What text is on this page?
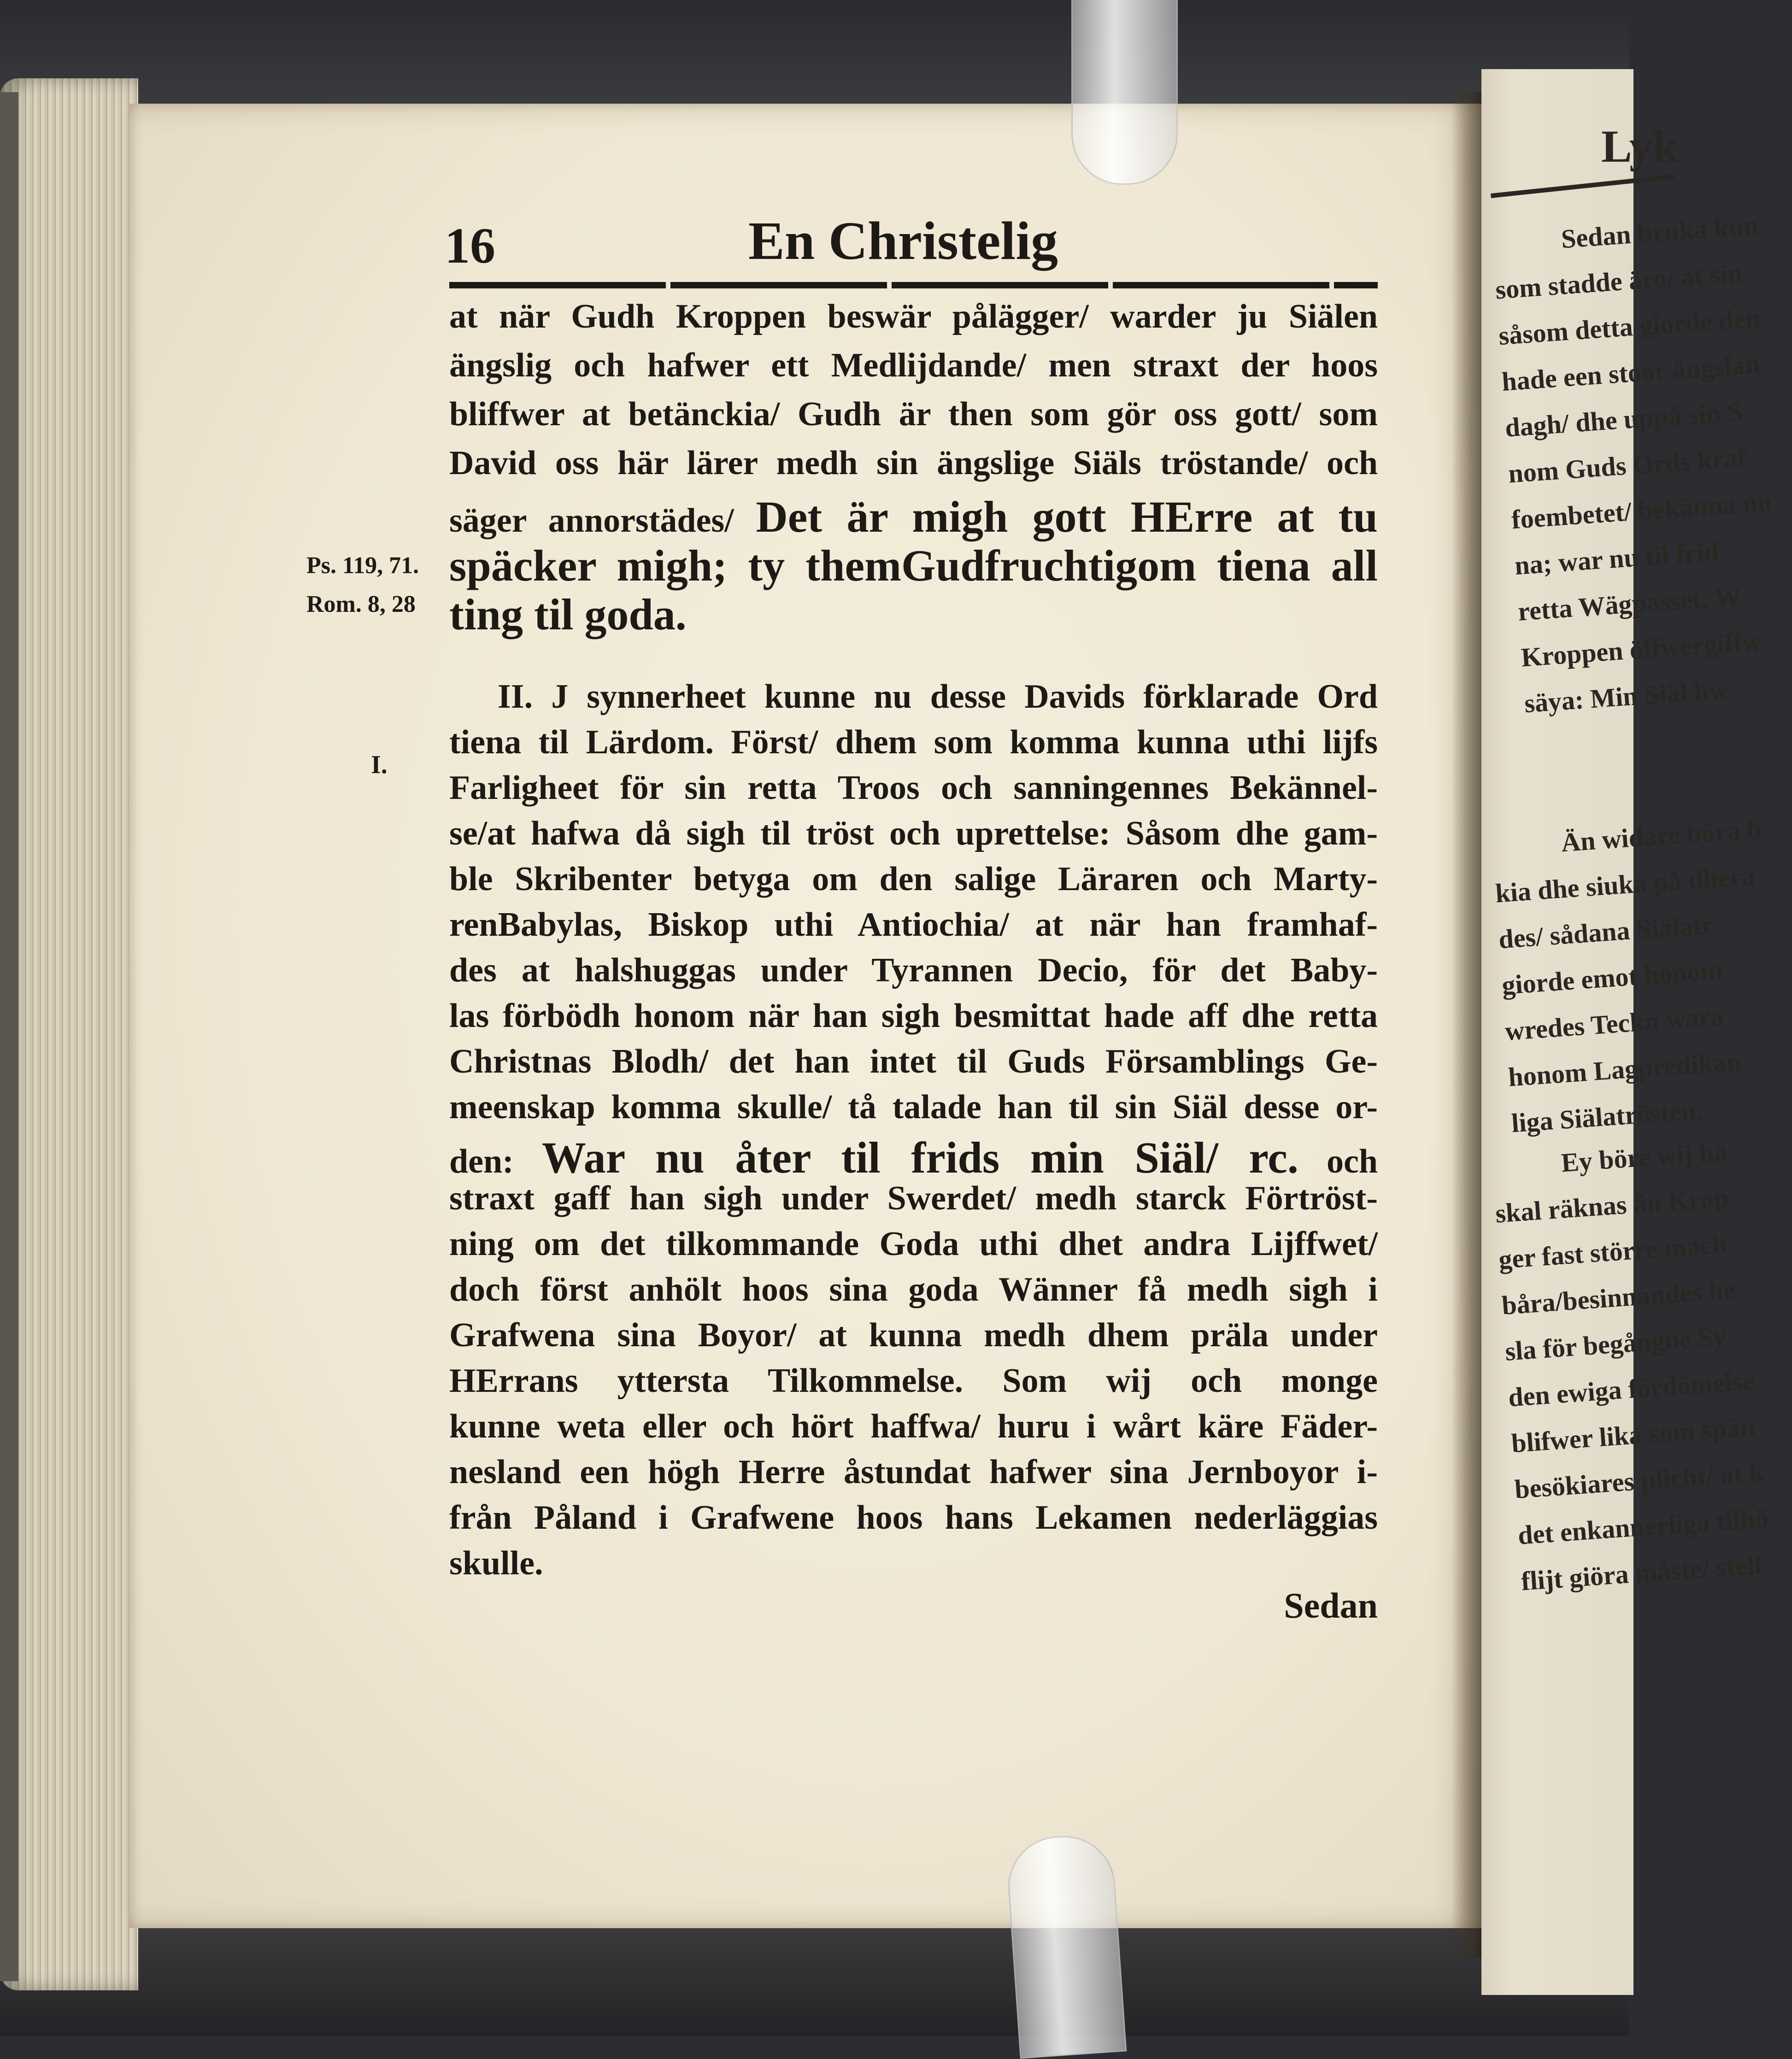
Lyk
Sedan bruka kun
som stadde äro/ at sin
såsom detta giorde den
hade een stoor ängslan
dagh/ dhe uppå sin S
nom Guds Ords kraf
foembetet/ bekänna nu
na; war nu til frid
retta Wägpasset. W
Kroppen öffwergiffw
säya: Min Siäl hw
Än widare böra b
kia dhe siuka på dhera
des/ sådana Siälatr
giorde emot honom
wredes Teckn wara
honom Lagpredikan
liga Siälatrösten.
Ey böre wij hä
skal räknas än Krop
ger fast större mach
båra/besinnandes he
sla för begångne Sy
den ewiga fördömelse
blifwer lika som spän
besökiares plicht/ at k
det enkannerliga tilhö
flijt giöra måste/ stell
16	En Christelig
Ps. 119, 71.
Rom. 8, 28
I.
at när Gudh Kroppen beswär pålägger/ warder ju Siälen
ängslig och hafwer ett Medlijdande/ men straxt der hoos
bliffwer at betänckia/ Gudh är then som gör oss gott/ som
David oss här lärer medh sin ängslige Siäls tröstande/ och
säger annorstädes/ Det är migh gott HErre at tu
späcker migh; ty themGudfruchtigom tiena all
ting til goda.
II. J synnerheet kunne nu desse Davids förklarade Ord
tiena til Lärdom. Först/ dhem som komma kunna uthi lijfs
Farligheet för sin retta Troos och sanningennes Bekännel-
se/at hafwa då sigh til tröst och uprettelse: Såsom dhe gam-
ble Skribenter betyga om den salige Läraren och Marty-
renBabylas, Biskop uthi Antiochia/ at när han framhaf-
des at halshuggas under Tyrannen Decio, för det Baby-
las förbödh honom när han sigh besmittat hade aff dhe retta
Christnas Blodh/ det han intet til Guds Församblings Ge-
meenskap komma skulle/ tå talade han til sin Siäl desse or-
den: War nu åter til frids min Siäl/ rc. och
straxt gaff han sigh under Swerdet/ medh starck Förtröst-
ning om det tilkommande Goda uthi dhet andra Lijffwet/
doch först anhölt hoos sina goda Wänner få medh sigh i
Grafwena sina Boyor/ at kunna medh dhem präla under
HErrans yttersta Tilkommelse. Som wij och monge
kunne weta eller och hört haffwa/ huru i wårt käre Fäder-
nesland een högh Herre åstundat hafwer sina Jernboyor i-
från Påland i Grafwene hoos hans Lekamen nederläggias
skulle.
Sedan
